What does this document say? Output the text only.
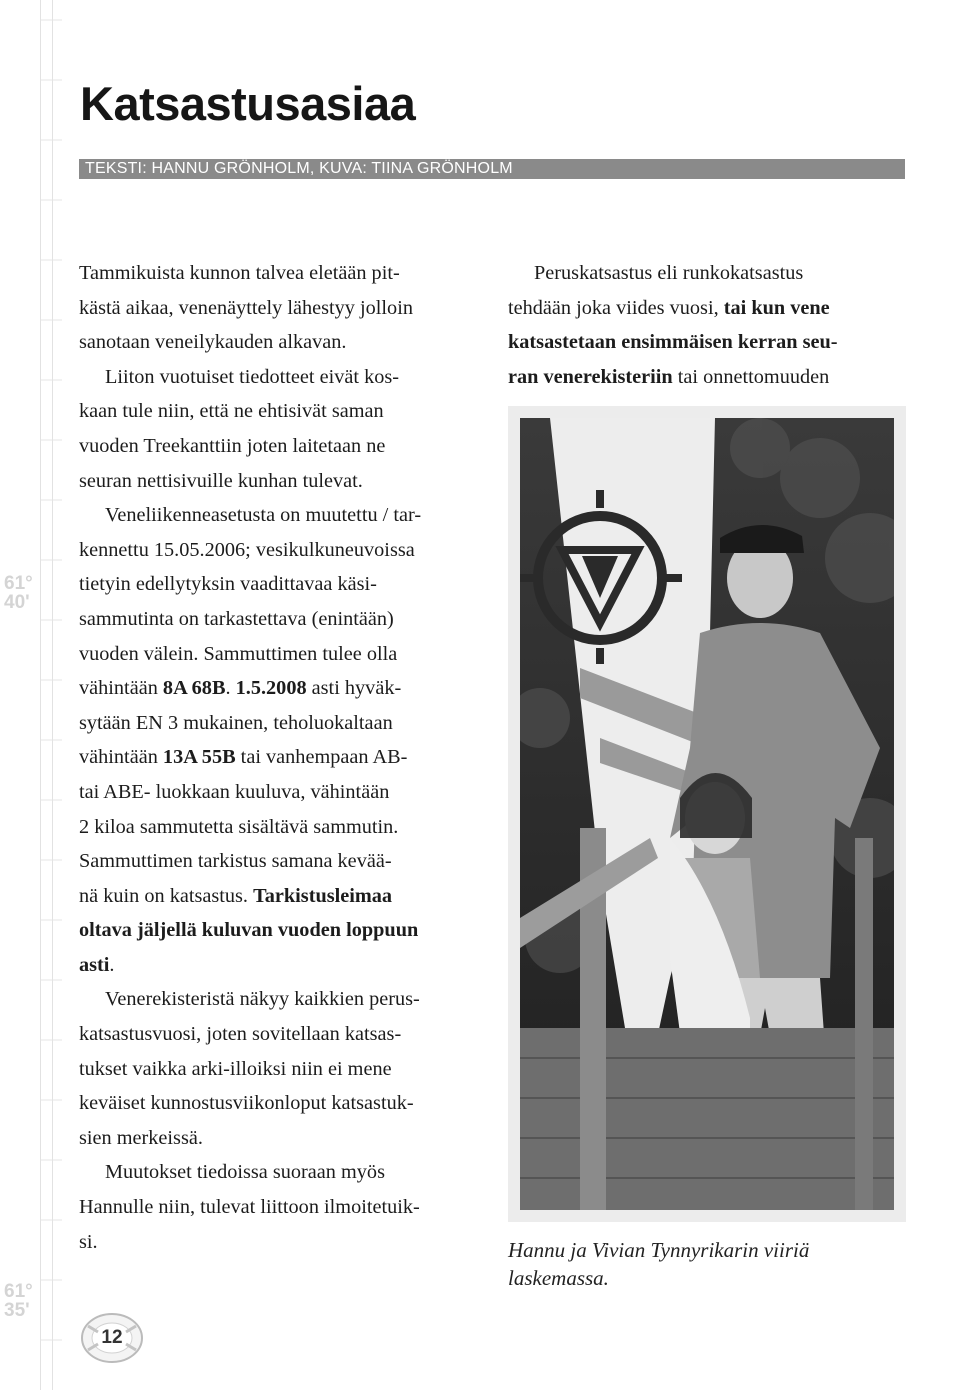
61°
40'
61°
35'
Katsastusasiaa
TEKSTI: HANNU GRÖNHOLM, KUVA: TIINA GRÖNHOLM

Tammikuista kunnon talvea eletään pit-
kästä aikaa, venenäyttely lähestyy jolloin
sanotaan veneilykauden alkavan.

Liiton vuotuiset tiedotteet eivät kos-
kaan tule niin, että ne ehtisivät saman
vuoden Treekanttiin joten laitetaan ne
seuran nettisivuille kunhan tulevat.

Veneliikenneasetusta on muutettu / tar-
kennettu 15.05.2006; vesikulkuneuvoissa
tietyin edellytyksin vaadittavaa käsi-
sammutinta on tarkastettava (enintään)
vuoden välein. Sammuttimen tulee olla
vähintään 8A 68B. 1.5.2008 asti hyväk-
sytään EN 3 mukainen, teholuokaltaan
vähintään 13A 55B tai vanhempaan AB-
tai ABE- luokkaan kuuluva, vähintään
2 kiloa sammutetta sisältävä sammutin.
Sammuttimen tarkistus samana kevää-
nä kuin on katsastus. Tarkistusleimaa
oltava jäljellä kuluvan vuoden loppuun
asti.

Venerekisteristä näkyy kaikkien perus-
katsastusvuosi, joten sovitellaan katsas-
tukset vaikka arki-illoiksi niin ei mene
keväiset kunnostusviikonloput katsastuk-
sien merkeissä.

Muutokset tiedoissa suoraan myös
Hannulle niin, tulevat liittoon ilmoitetuik-
si.

Peruskatsastus eli runkokatsastus
tehdään joka viides vuosi, tai kun vene
katsastetaan ensimmäisen kerran seu-
ran venerekisteriin tai onnettomuuden

Hannu ja Vivian Tynnyrikarin viiriä
laskemassa.
12
